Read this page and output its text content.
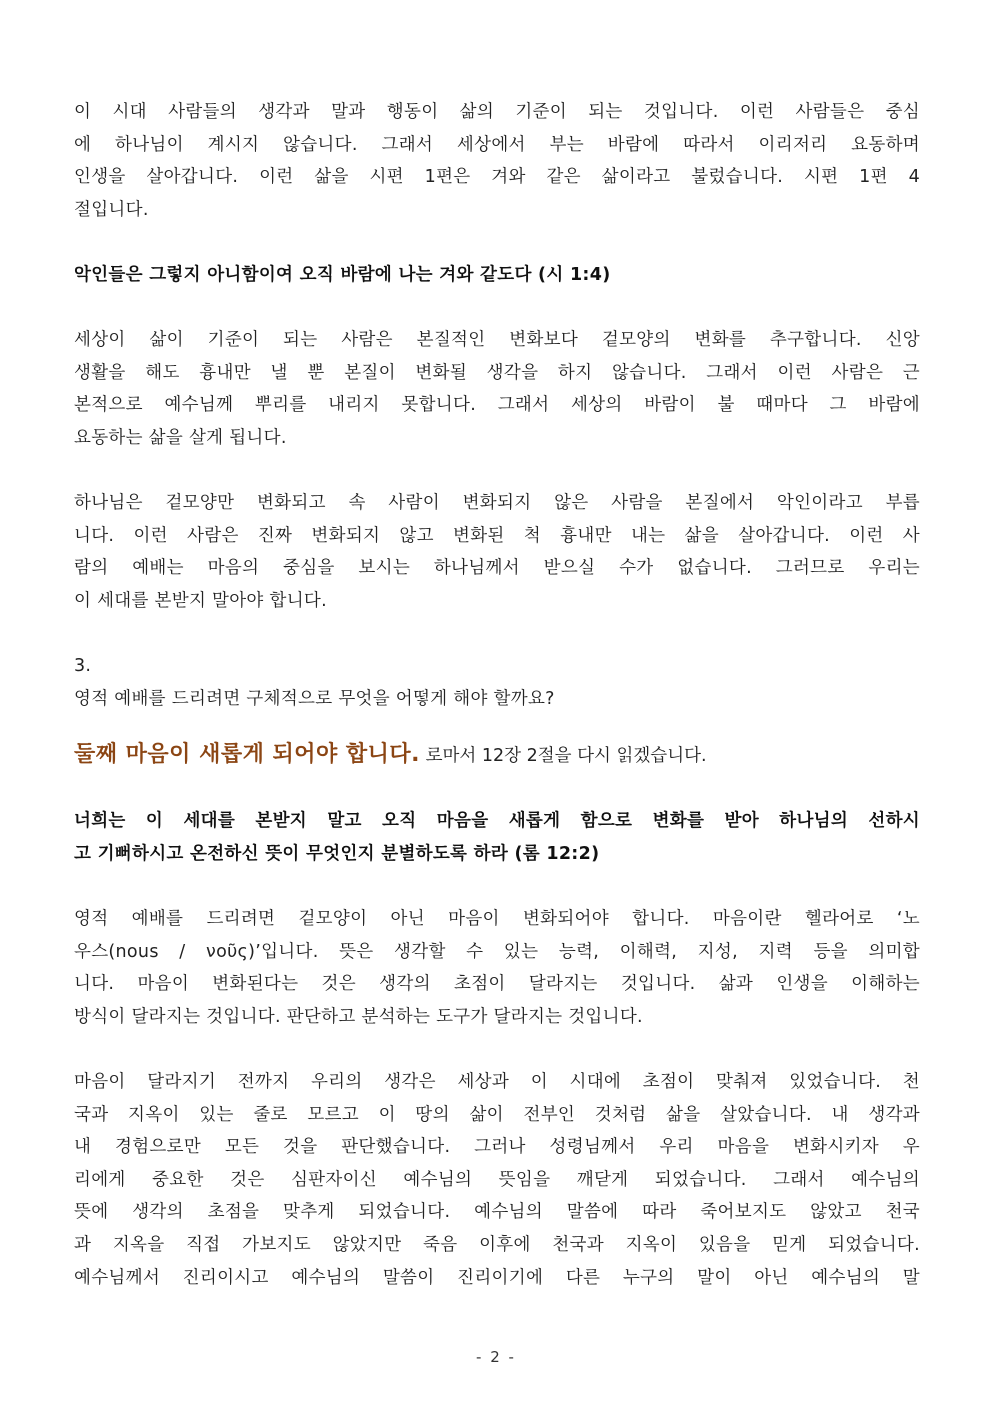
이 시대 사람들의 생각과 말과 행동이 삶의 기준이 되는 것입니다. 이런 사람들은 중심
에 하나님이 계시지 않습니다. 그래서 세상에서 부는 바람에 따라서 이리저리 요동하며
인생을 살아갑니다. 이런 삶을 시편 1편은 겨와 같은 삶이라고 불렀습니다. 시편 1편 4
절입니다.
악인들은 그렇지 아니함이여 오직 바람에 나는 겨와 같도다 (시 1:4)
세상이 삶이 기준이 되는 사람은 본질적인 변화보다 겉모양의 변화를 추구합니다. 신앙
생활을 해도 흉내만 낼 뿐 본질이 변화될 생각을 하지 않습니다. 그래서 이런 사람은 근
본적으로 예수님께 뿌리를 내리지 못합니다. 그래서 세상의 바람이 불 때마다 그 바람에
요동하는 삶을 살게 됩니다.
하나님은 겉모양만 변화되고 속 사람이 변화되지 않은 사람을 본질에서 악인이라고 부릅
니다. 이런 사람은 진짜 변화되지 않고 변화된 척 흉내만 내는 삶을 살아갑니다. 이런 사
람의 예배는 마음의 중심을 보시는 하나님께서 받으실 수가 없습니다. 그러므로 우리는
이 세대를 본받지 말아야 합니다.
3.
영적 예배를 드리려면 구체적으로 무엇을 어떻게 해야 할까요?
둘째 마음이 새롭게 되어야 합니다. 로마서 12장 2절을 다시 읽겠습니다.
너희는 이 세대를 본받지 말고 오직 마음을 새롭게 함으로 변화를 받아 하나님의 선하시
고 기뻐하시고 온전하신 뜻이 무엇인지 분별하도록 하라 (롬 12:2)
영적 예배를 드리려면 겉모양이 아닌 마음이 변화되어야 합니다. 마음이란 헬라어로 ‘노
우스(nous / νοῦς)’입니다. 뜻은 생각할 수 있는 능력, 이해력, 지성, 지력 등을 의미합
니다. 마음이 변화된다는 것은 생각의 초점이 달라지는 것입니다. 삶과 인생을 이해하는
방식이 달라지는 것입니다. 판단하고 분석하는 도구가 달라지는 것입니다.
마음이 달라지기 전까지 우리의 생각은 세상과 이 시대에 초점이 맞춰져 있었습니다. 천
국과 지옥이 있는 줄로 모르고 이 땅의 삶이 전부인 것처럼 삶을 살았습니다. 내 생각과
내 경험으로만 모든 것을 판단했습니다. 그러나 성령님께서 우리 마음을 변화시키자 우
리에게 중요한 것은 심판자이신 예수님의 뜻임을 깨닫게 되었습니다. 그래서 예수님의
뜻에 생각의 초점을 맞추게 되었습니다. 예수님의 말씀에 따라 죽어보지도 않았고 천국
과 지옥을 직접 가보지도 않았지만 죽음 이후에 천국과 지옥이 있음을 믿게 되었습니다.
예수님께서 진리이시고 예수님의 말씀이 진리이기에 다른 누구의 말이 아닌 예수님의 말
- 2 -
